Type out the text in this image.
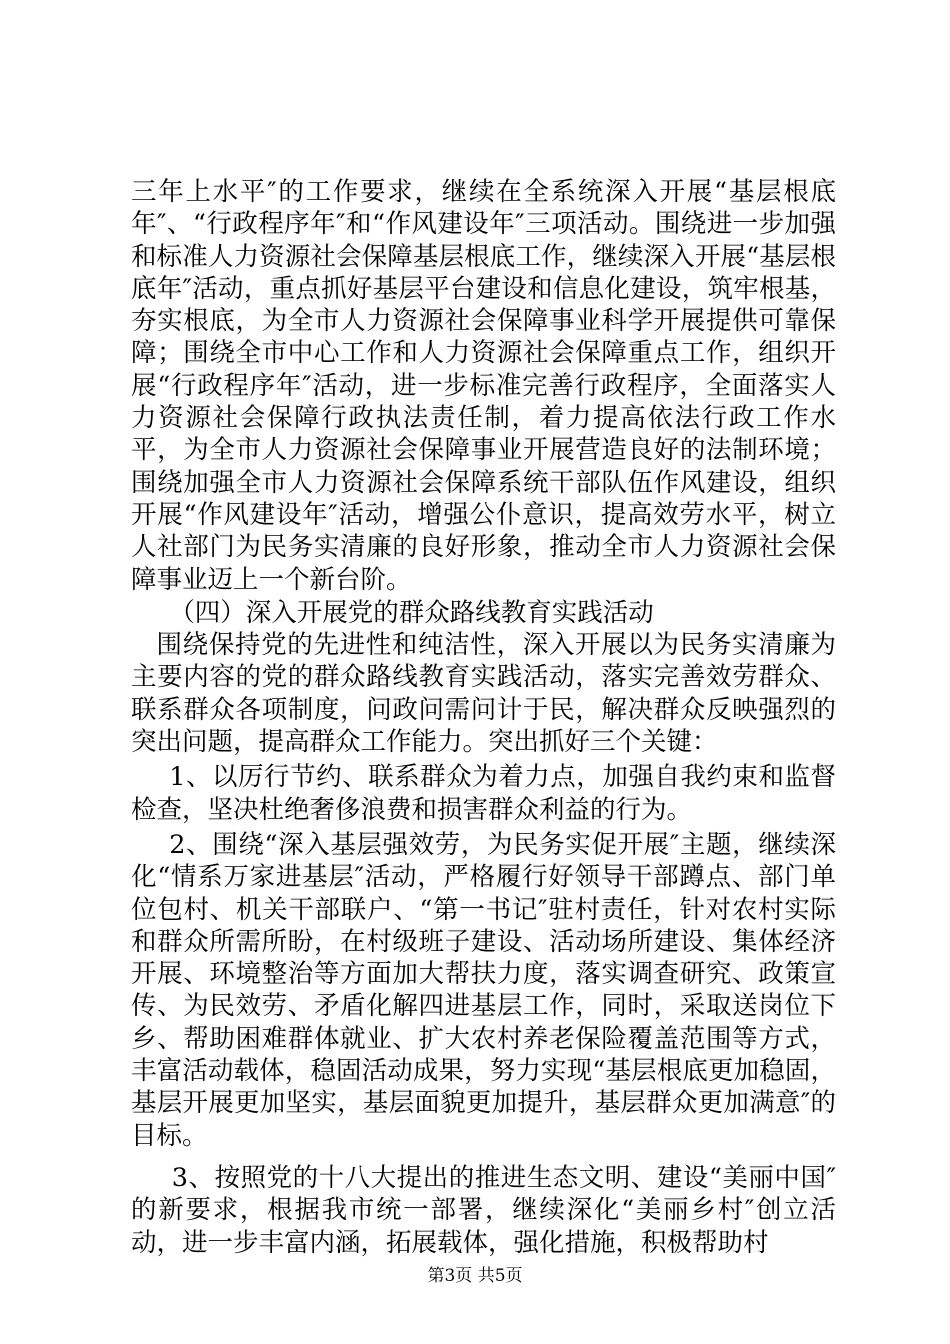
三年上水平″的工作要求，继续在全系统深入开展“基层根底年″、“行政程序年″和“作风建设年″三项活动。围绕进一步加强和标准人力资源社会保障基层根底工作，继续深入开展“基层根底年″活动，重点抓好基层平台建设和信息化建设，筑牢根基，夯实根底，为全市人力资源社会保障事业科学开展提供可靠保障；围绕全市中心工作和人力资源社会保障重点工作，组织开展“行政程序年″活动，进一步标准完善行政程序，全面落实人力资源社会保障行政执法责任制，着力提高依法行政工作水平，为全市人力资源社会保障事业开展营造良好的法制环境；围绕加强全市人力资源社会保障系统干部队伍作风建设，组织开展“作风建设年″活动，增强公仆意识，提高效劳水平，树立人社部门为民务实清廉的良好形象，推动全市人力资源社会保障事业迈上一个新台阶。

（四）深入开展党的群众路线教育实践活动

围绕保持党的先进性和纯洁性，深入开展以为民务实清廉为主要内容的党的群众路线教育实践活动，落实完善效劳群众、联系群众各项制度，问政问需问计于民，解决群众反映强烈的突出问题，提高群众工作能力。突出抓好三个关键：

1、以厉行节约、联系群众为着力点，加强自我约束和监督检查，坚决杜绝奢侈浪费和损害群众利益的行为。

2、围绕“深入基层强效劳，为民务实促开展″主题，继续深化“情系万家进基层″活动，严格履行好领导干部蹲点、部门单位包村、机关干部联户、“第一书记″驻村责任，针对农村实际和群众所需所盼，在村级班子建设、活动场所建设、集体经济开展、环境整治等方面加大帮扶力度，落实调查研究、政策宣传、为民效劳、矛盾化解四进基层工作，同时，采取送岗位下乡、帮助困难群体就业、扩大农村养老保险覆盖范围等方式，丰富活动载体，稳固活动成果，努力实现“基层根底更加稳固，基层开展更加坚实，基层面貌更加提升，基层群众更加满意″的目标。

3、按照党的十八大提出的推进生态文明、建设“美丽中国″的新要求，根据我市统一部署，继续深化“美丽乡村″创立活动，进一步丰富内涵，拓展载体，强化措施，积极帮助村

第3页 共5页
